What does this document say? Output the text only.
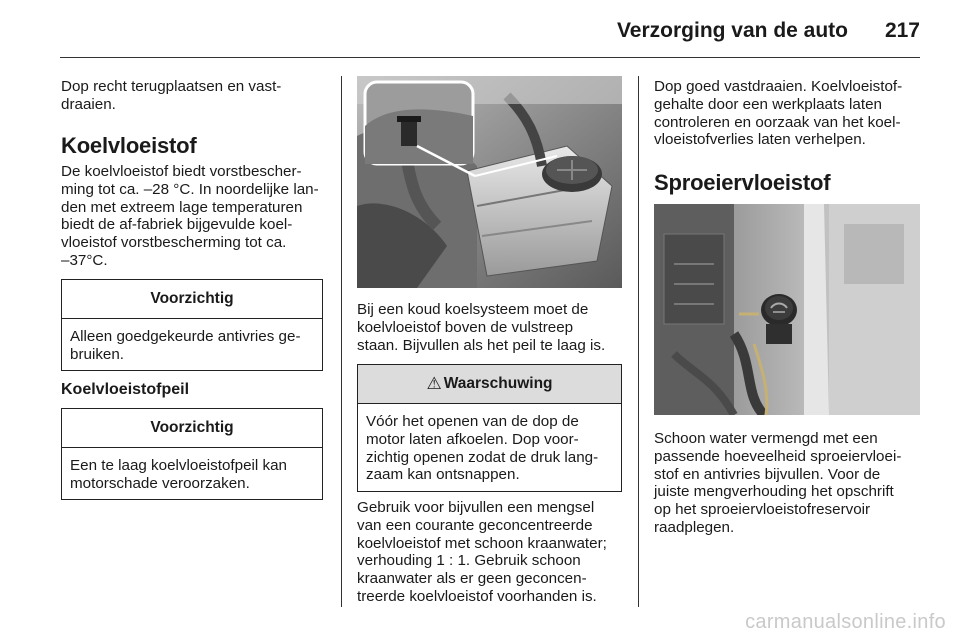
Verzorging van de auto 217
Dop recht terugplaatsen en vast-
draaien.
Koelvloeistof
De koelvloeistof biedt vorstbescher-
ming tot ca. –28 °C. In noordelijke lan-
den met extreem lage temperaturen
biedt de af-fabriek bijgevulde koel-
vloeistof vorstbescherming tot ca.
–37°C.
Voorzichtig
Alleen goedgekeurde antivries ge-
bruiken.
Koelvloeistofpeil
Voorzichtig
Een te laag koelvloeistofpeil kan
motorschade veroorzaken.
Bij een koud koelsysteem moet de
koelvloeistof boven de vulstreep
staan. Bijvullen als het peil te laag is.
⚠ Waarschuwing
Vóór het openen van de dop de
motor laten afkoelen. Dop voor-
zichtig openen zodat de druk lang-
zaam kan ontsnappen.
Gebruik voor bijvullen een mengsel
van een courante geconcentreerde
koelvloeistof met schoon kraanwater;
verhouding 1 : 1. Gebruik schoon
kraanwater als er geen geconcen-
treerde koelvloeistof voorhanden is.
Dop goed vastdraaien. Koelvloeistof-
gehalte door een werkplaats laten
controleren en oorzaak van het koel-
vloeistofverlies laten verhelpen.
Sproeiervloeistof
Schoon water vermengd met een
passende hoeveelheid sproeiervloei-
stof en antivries bijvullen. Voor de
juiste mengverhouding het opschrift
op het sproeiervloeistofreservoir
raadplegen.
carmanualsonline.info
